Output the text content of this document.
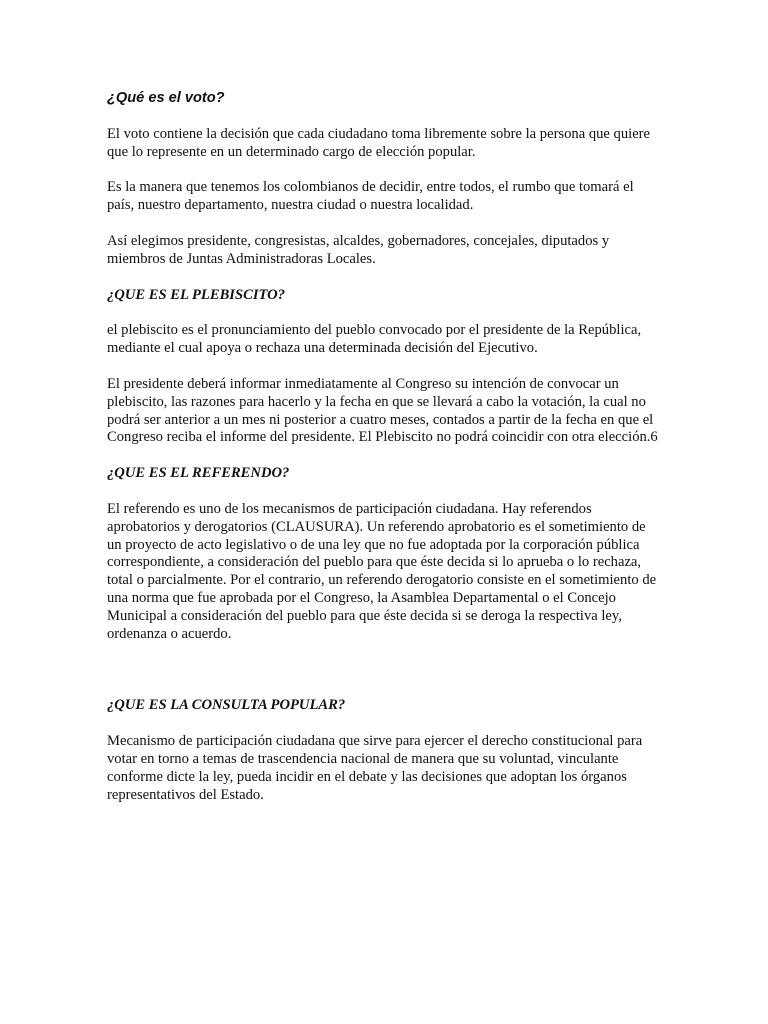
¿Qué es el voto?

El voto contiene la decisión que cada ciudadano toma libremente sobre la persona que quiere que lo represente en un determinado cargo de elección popular.

Es la manera que tenemos los colombianos de decidir, entre todos, el rumbo que tomará el país, nuestro departamento, nuestra ciudad o nuestra localidad.

Así elegimos presidente, congresistas, alcaldes, gobernadores, concejales, diputados y miembros de Juntas Administradoras Locales.

¿QUE ES EL PLEBISCITO?

el plebiscito es el pronunciamiento del pueblo convocado por el presidente de la República, mediante el cual apoya o rechaza una determinada decisión del Ejecutivo.

El presidente deberá informar inmediatamente al Congreso su intención de convocar un plebiscito, las razones para hacerlo y la fecha en que se llevará a cabo la votación, la cual no podrá ser anterior a un mes ni posterior a cuatro meses, contados a partir de la fecha en que el Congreso reciba el informe del presidente. El Plebiscito no podrá coincidir con otra elección.6

¿QUE ES EL REFERENDO?

El referendo es uno de los mecanismos de participación ciudadana. Hay referendos aprobatorios y derogatorios (CLAUSURA). Un referendo aprobatorio es el sometimiento de un proyecto de acto legislativo o de una ley que no fue adoptada por la corporación pública correspondiente, a consideración del pueblo para que éste decida si lo aprueba o lo rechaza, total o parcialmente. Por el contrario, un referendo derogatorio consiste en el sometimiento de una norma que fue aprobada por el Congreso, la Asamblea Departamental o el Concejo Municipal a consideración del pueblo para que éste decida si se deroga la respectiva ley, ordenanza o acuerdo.

¿QUE ES LA CONSULTA POPULAR?

Mecanismo de participación ciudadana que sirve para ejercer el derecho constitucional para votar en torno a temas de trascendencia nacional de manera que su voluntad, vinculante conforme dicte la ley, pueda incidir en el debate y las decisiones que adoptan los órganos representativos del Estado.
